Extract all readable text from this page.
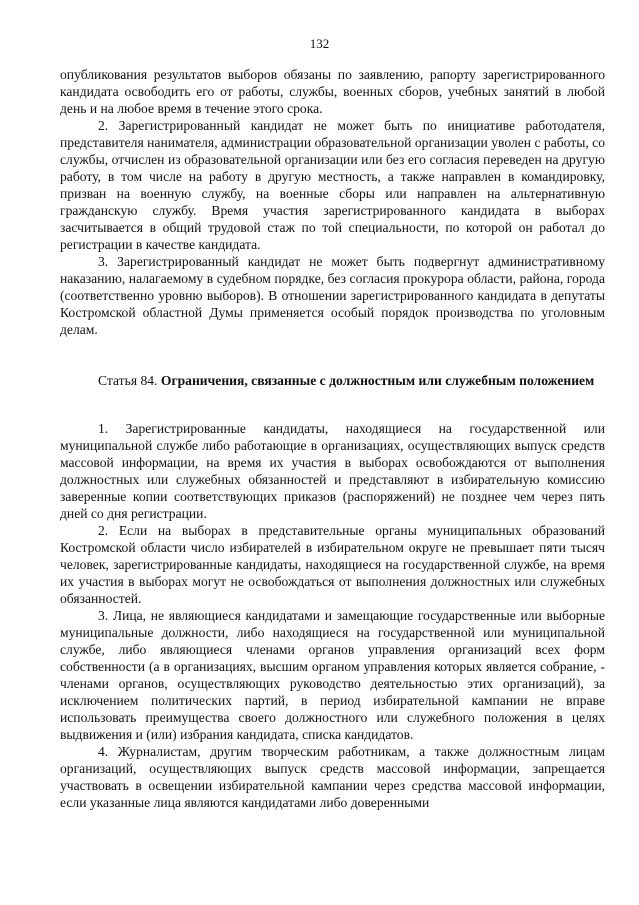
132

опубликования результатов выборов обязаны по заявлению, рапорту зарегистрированного кандидата освободить его от работы, службы, военных сборов, учебных занятий в любой день и на любое время в течение этого срока.

2. Зарегистрированный кандидат не может быть по инициативе работодателя, представителя нанимателя, администрации образовательной организации уволен с работы, со службы, отчислен из образовательной организации или без его согласия переведен на другую работу, в том числе на работу в другую местность, а также направлен в командировку, призван на военную службу, на военные сборы или направлен на альтернативную гражданскую службу. Время участия зарегистрированного кандидата в выборах засчитывается в общий трудовой стаж по той специальности, по которой он работал до регистрации в качестве кандидата.

3. Зарегистрированный кандидат не может быть подвергнут административному наказанию, налагаемому в судебном порядке, без согласия прокурора области, района, города (соответственно уровню выборов). В отношении зарегистрированного кандидата в депутаты Костромской областной Думы применяется особый порядок производства по уголовным делам.

Статья 84. Ограничения, связанные с должностным или служебным положением

1. Зарегистрированные кандидаты, находящиеся на государственной или муниципальной службе либо работающие в организациях, осуществляющих выпуск средств массовой информации, на время их участия в выборах освобождаются от выполнения должностных или служебных обязанностей и представляют в избирательную комиссию заверенные копии соответствующих приказов (распоряжений) не позднее чем через пять дней со дня регистрации.

2. Если на выборах в представительные органы муниципальных образований Костромской области число избирателей в избирательном округе не превышает пяти тысяч человек, зарегистрированные кандидаты, находящиеся на государственной службе, на время их участия в выборах могут не освобождаться от выполнения должностных или служебных обязанностей.

3. Лица, не являющиеся кандидатами и замещающие государственные или выборные муниципальные должности, либо находящиеся на государственной или муниципальной службе, либо являющиеся членами органов управления организаций всех форм собственности (а в организациях, высшим органом управления которых является собрание, - членами органов, осуществляющих руководство деятельностью этих организаций), за исключением политических партий, в период избирательной кампании не вправе использовать преимущества своего должностного или служебного положения в целях выдвижения и (или) избрания кандидата, списка кандидатов.

4. Журналистам, другим творческим работникам, а также должностным лицам организаций, осуществляющих выпуск средств массовой информации, запрещается участвовать в освещении избирательной кампании через средства массовой информации, если указанные лица являются кандидатами либо доверенными
